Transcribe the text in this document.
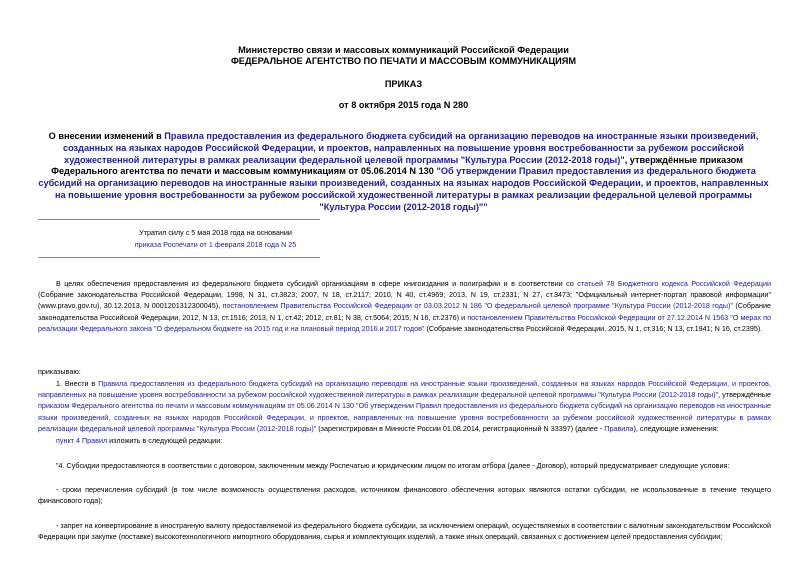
Министерство связи и массовых коммуникаций Российской Федерации
ФЕДЕРАЛЬНОЕ АГЕНТСТВО ПО ПЕЧАТИ И МАССОВЫМ КОММУНИКАЦИЯМ
ПРИКАЗ
от 8 октября 2015 года N 280
О внесении изменений в Правила предоставления из федерального бюджета субсидий на организацию переводов на иностранные языки произведений, созданных на языках народов Российской Федерации, и проектов, направленных на повышение уровня востребованности за рубежом российской художественной литературы в рамках реализации федеральной целевой программы "Культура России (2012-2018 годы)", утверждённые приказом Федерального агентства по печати и массовым коммуникациям от 05.06.2014 N 130 "Об утверждении Правил предоставления из федерального бюджета субсидий на организацию переводов на иностранные языки произведений, созданных на языках народов Российской Федерации, и проектов, направленных на повышение уровня востребованности за рубежом российской художественной литературы в рамках реализации федеральной целевой программы "Культура России (2012-2018 годы)""
Утратил силу с 5 мая 2018 года на основании
приказа Роспечати от 1 февраля 2018 года N 25
В целях обеспечения предоставления из федерального бюджета субсидий организациям в сфере книгоиздания и полиграфии и в соответствии со статьей 78 Бюджетного кодекса Российской Федерации (Собрание законодательства Российской Федерации, 1998, N 31, ст.3823; 2007, N 18, ст.2117; 2010, N 40, ст.4969; 2013, N 19, ст.2331; N 27, ст.3473; "Официальный интернет-портал правовой информации" (www.pravo.gov.ru), 30.12.2013, N 0001201312300045), постановлением Правительства Российской Федерации от 03.03.2012 N 186 "О федеральной целевой программе "Культура России (2012-2018 годы)" (Собрание законодательства Российской Федерации, 2012, N 13, ст.1516; 2013, N 1, ст.42; 2012, ст.81; N 38, ст.5064; 2015, N 16, ст.2376) и постановлением Правительства Российской Федерации от 27.12.2014 N 1563 "О мерах по реализации Федерального закона "О федеральном бюджете на 2015 год и на плановый период 2016 и 2017 годов" (Собрание законодательства Российской Федерации, 2015, N 1, ст.316; N 13, ст.1941; N 16, ст.2395).
приказываю:
1. Внести в Правила предоставления из федерального бюджета субсидий на организацию переводов на иностранные языки произведений, созданных на языках народов Российской Федерации, и проектов, направленных на повышение уровня востребованности за рубежом российской художественной литературы в рамках реализации федеральной целевой программы "Культура России (2012-2018 годы)", утверждённые приказом Федерального агентства по печати и массовым коммуникациям от 05.06.2014 N 130 "Об утверждении Правил предоставления из федерального бюджета субсидий на организацию переводов на иностранные языки произведений, созданных на языках народов Российской Федерации, и проектов, направленных на повышение уровня востребованности за рубежом российской художественной литературы в рамках реализации федеральной целевой программы "Культура России (2012-2018 годы)" (зарегистрирован в Минюсте России 01.08.2014, регистрационный N 33397) (далее - Правила), следующие изменения:
пункт 4 Правил изложить в следующей редакции:
"4. Субсидии предоставляются в соответствии с договором, заключенным между Роспечатью и юридическим лицом по итогам отбора (далее - Договор), который предусматривает следующие условия:
- сроки перечисления субсидий (в том числе возможность осуществления расходов, источником финансового обеспечения которых являются остатки субсидии, не использованные в течение текущего финансового года);
- запрет на конвертирование в иностранную валюту предоставляемой из федерального бюджета субсидии, за исключением операций, осуществляемых в соответствии с валютным законодательством Российской Федерации при закупке (поставке) высокотехнологичного импортного оборудования, сырья и комплектующих изделий, а также иных операций, связанных с достижением целей предоставления субсидии;
